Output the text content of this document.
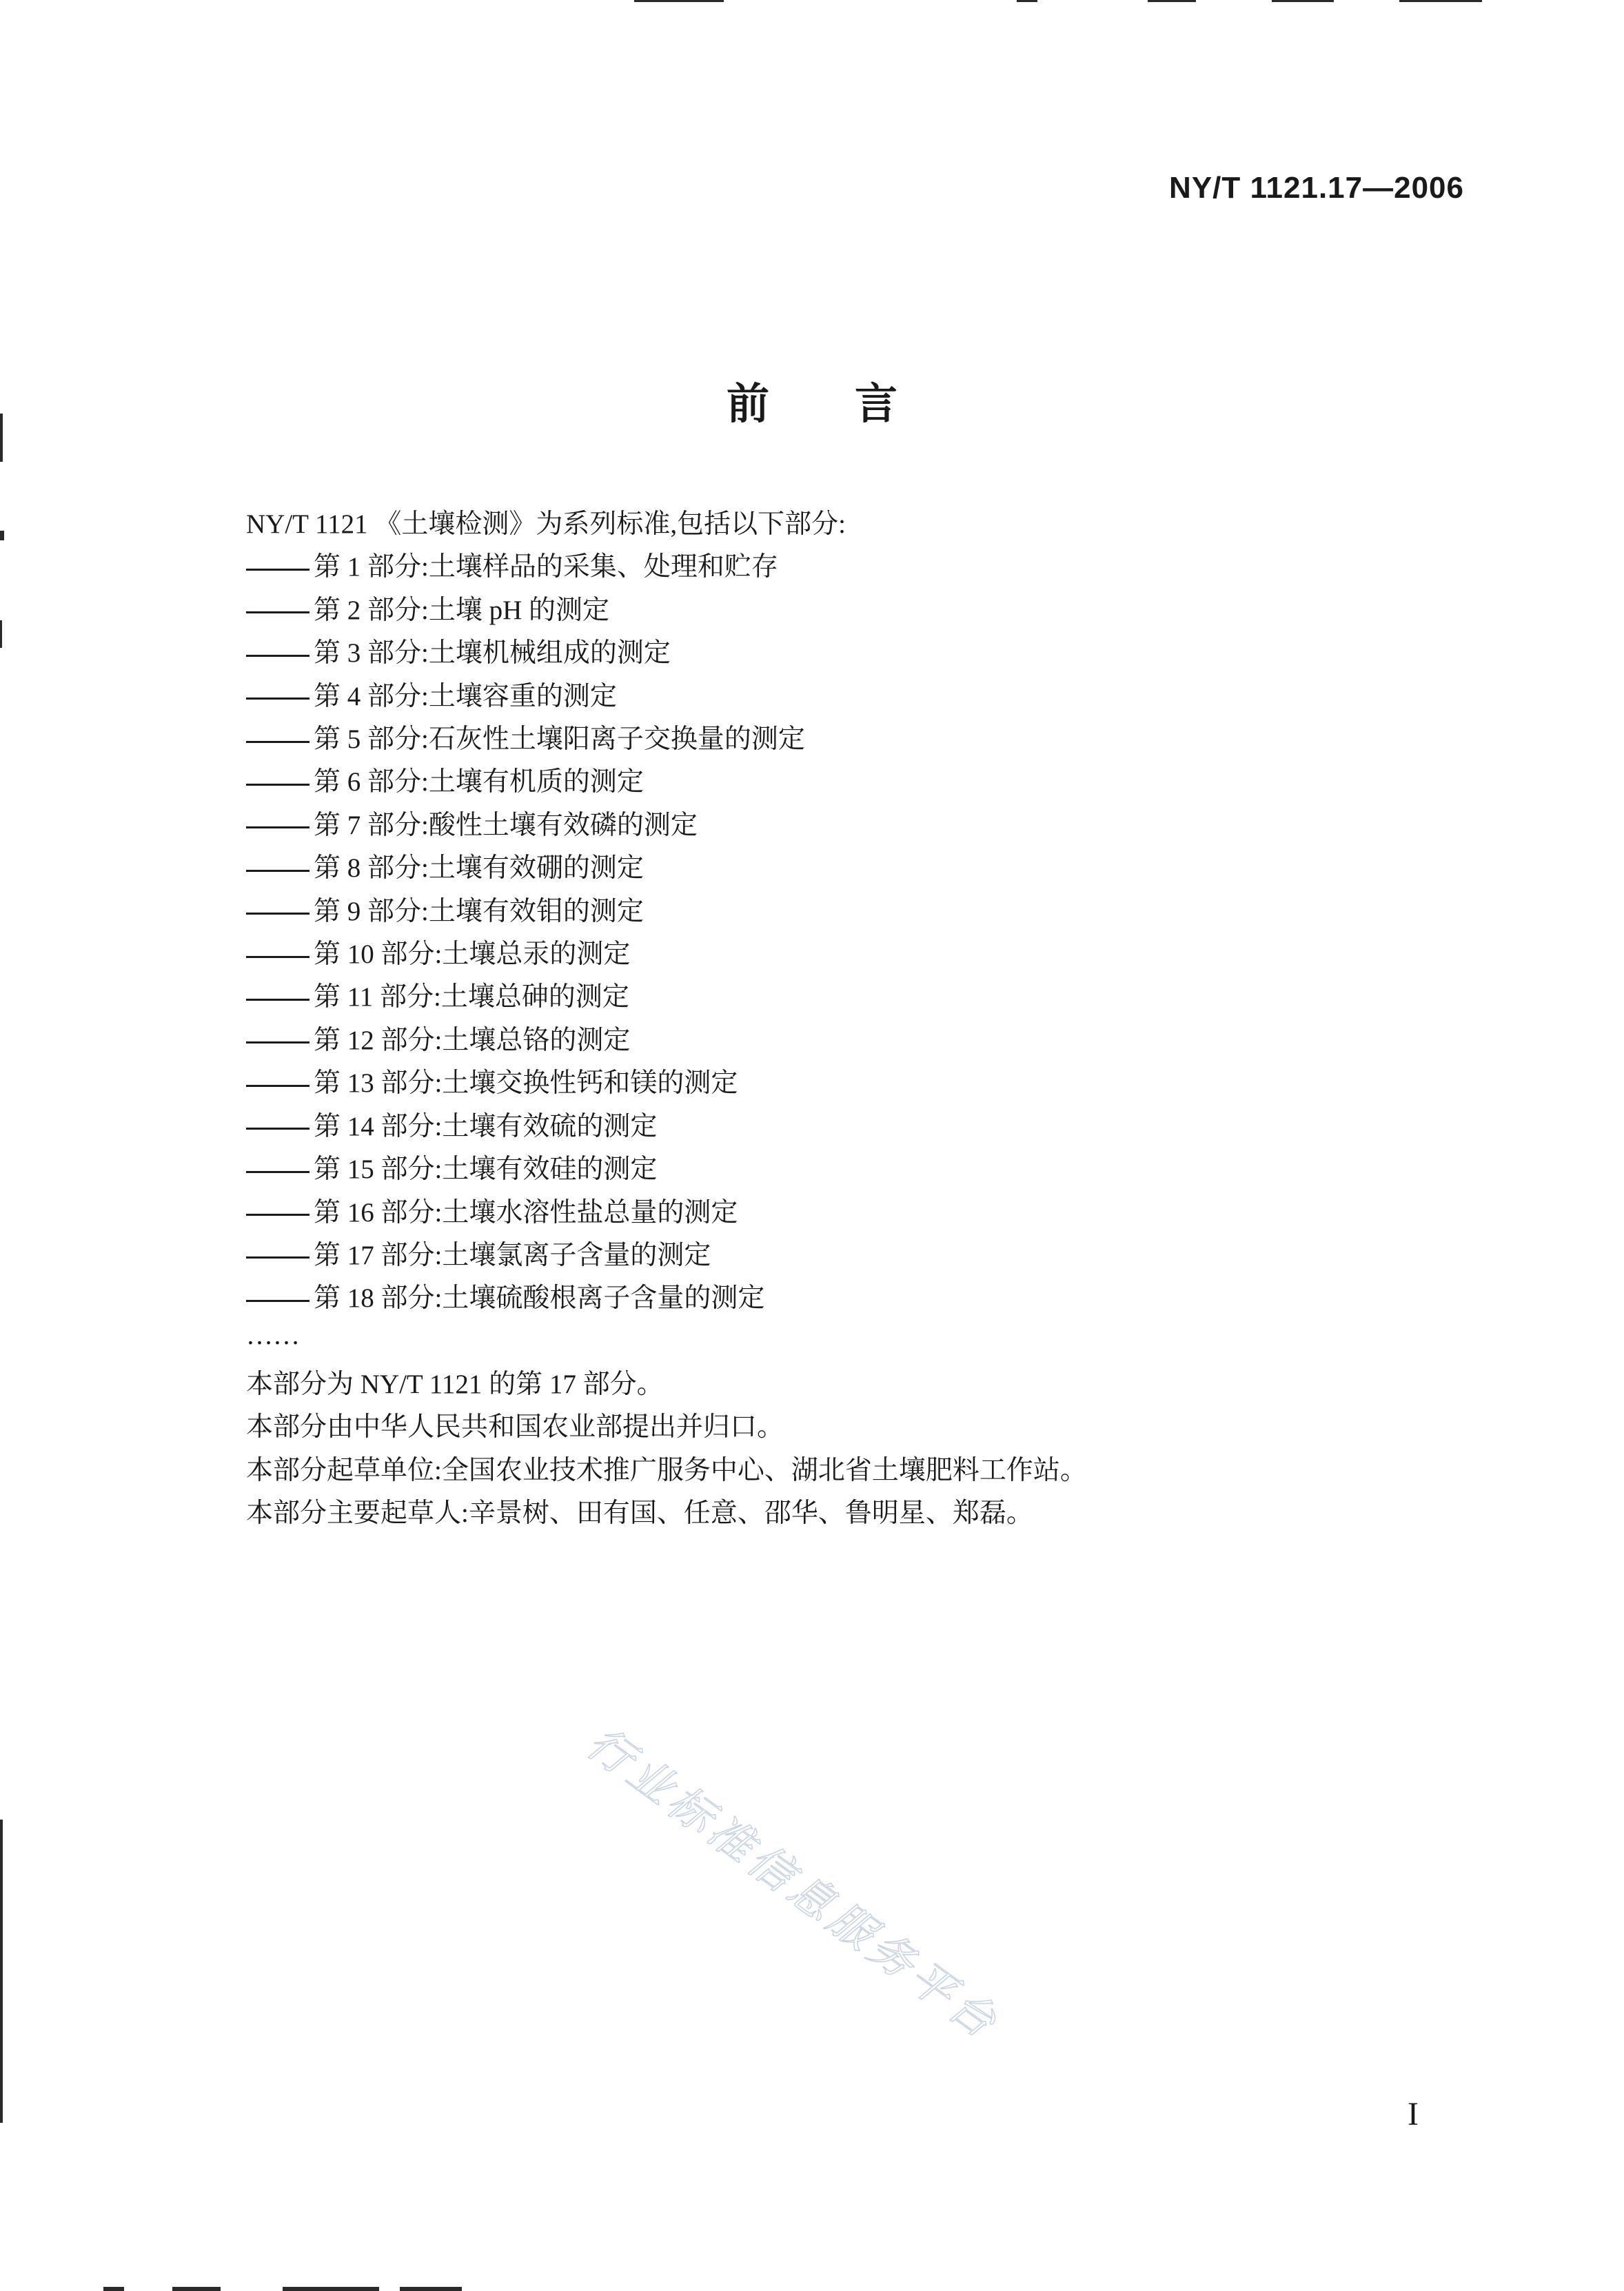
NY/T 1121.17—2006
前 言
NY/T 1121 《土壤检测》为系列标准,包括以下部分:
第 1 部分:土壤样品的采集、处理和贮存
第 2 部分:土壤 pH 的测定
第 3 部分:土壤机械组成的测定
第 4 部分:土壤容重的测定
第 5 部分:石灰性土壤阳离子交换量的测定
第 6 部分:土壤有机质的测定
第 7 部分:酸性土壤有效磷的测定
第 8 部分:土壤有效硼的测定
第 9 部分:土壤有效钼的测定
第 10 部分:土壤总汞的测定
第 11 部分:土壤总砷的测定
第 12 部分:土壤总铬的测定
第 13 部分:土壤交换性钙和镁的测定
第 14 部分:土壤有效硫的测定
第 15 部分:土壤有效硅的测定
第 16 部分:土壤水溶性盐总量的测定
第 17 部分:土壤氯离子含量的测定
第 18 部分:土壤硫酸根离子含量的测定
……
本部分为 NY/T 1121 的第 17 部分。
本部分由中华人民共和国农业部提出并归口。
本部分起草单位:全国农业技术推广服务中心、湖北省土壤肥料工作站。
本部分主要起草人:辛景树、田有国、任意、邵华、鲁明星、郑磊。
行业标准信息服务平台
I
